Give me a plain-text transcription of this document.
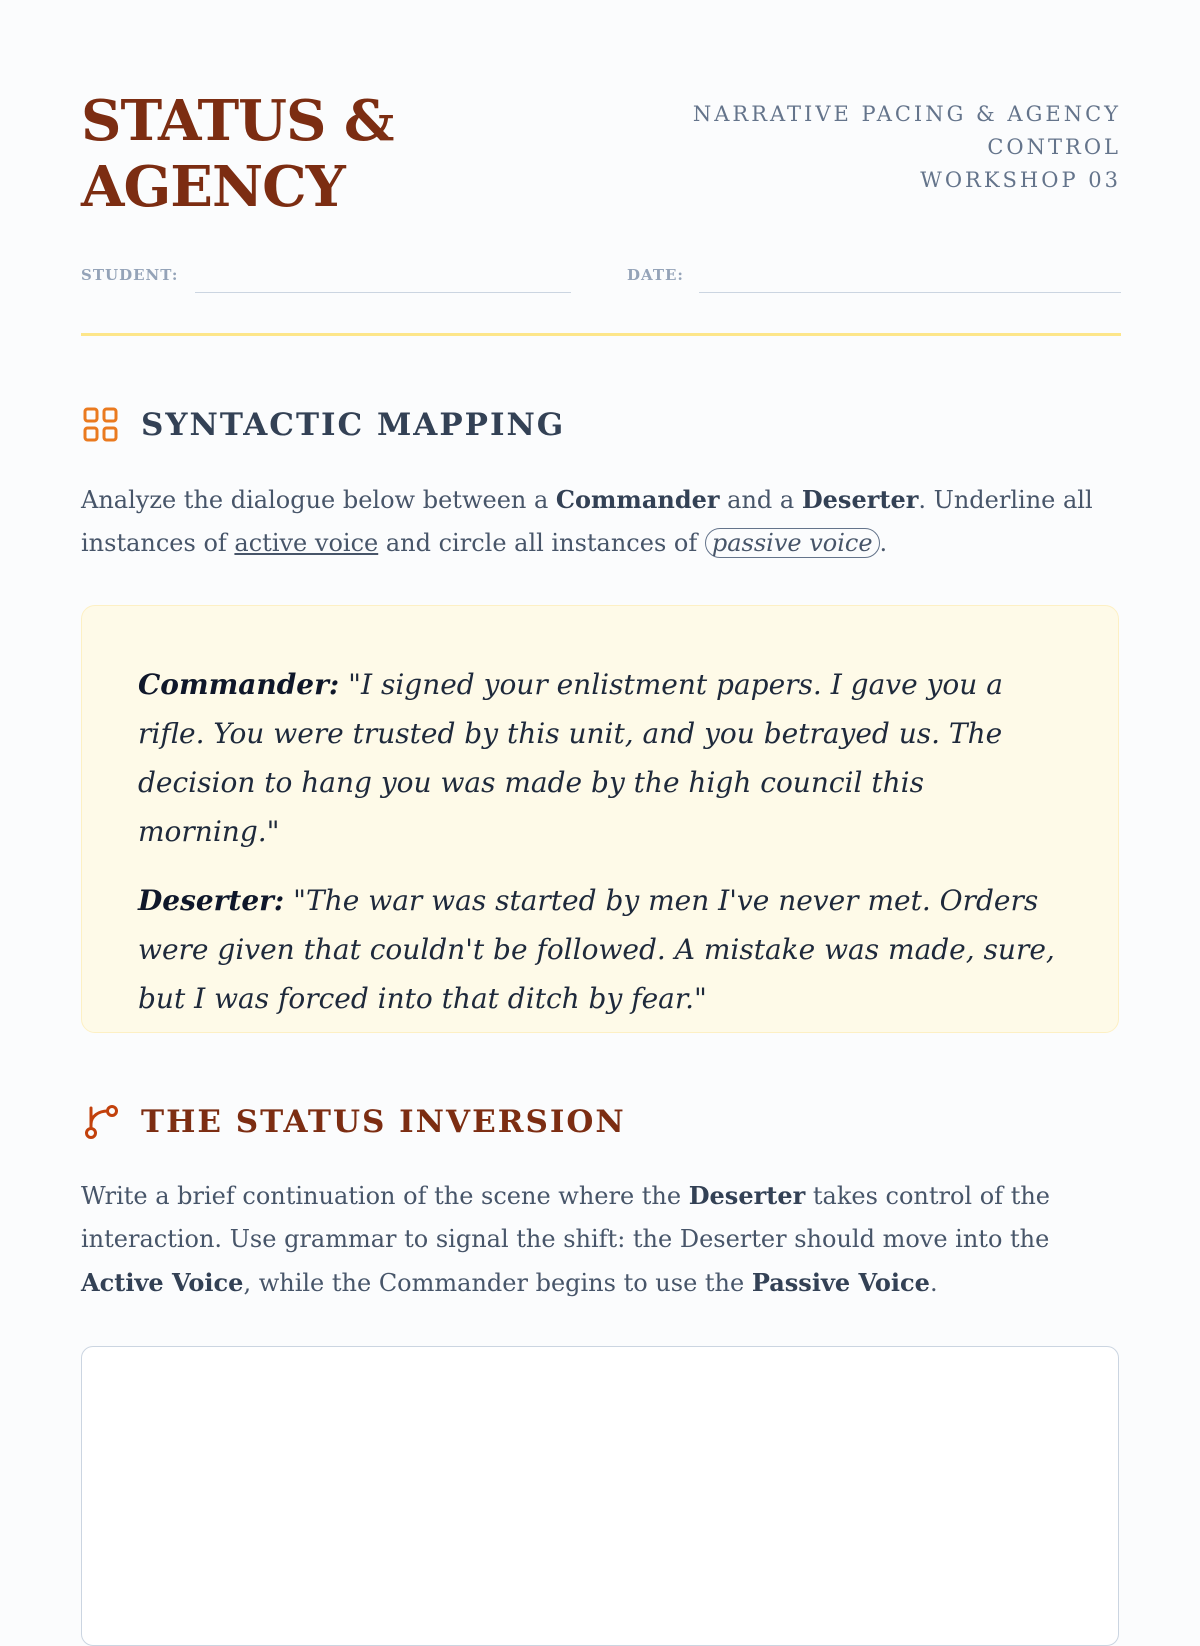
STATUS &
AGENCY
NARRATIVE PACING & AGENCY
CONTROL
WORKSHOP 03
STUDENT:	DATE:
SYNTACTIC MAPPING

Analyze the dialogue below between a Commander and a Deserter. Underline all instances of active voice and circle all instances of passive voice .

Commander: "I signed your enlistment papers. I gave you a rifle. You were trusted by this unit, and you betrayed us. The decision to hang you was made by the high council this morning."

Deserter: "The war was started by men I've never met. Orders were given that couldn't be followed. A mistake was made, sure, but I was forced into that ditch by fear."

THE STATUS INVERSION

Write a brief continuation of the scene where the Deserter takes control of the interaction. Use grammar to signal the shift: the Deserter should move into the Active Voice, while the Commander begins to use the Passive Voice.
